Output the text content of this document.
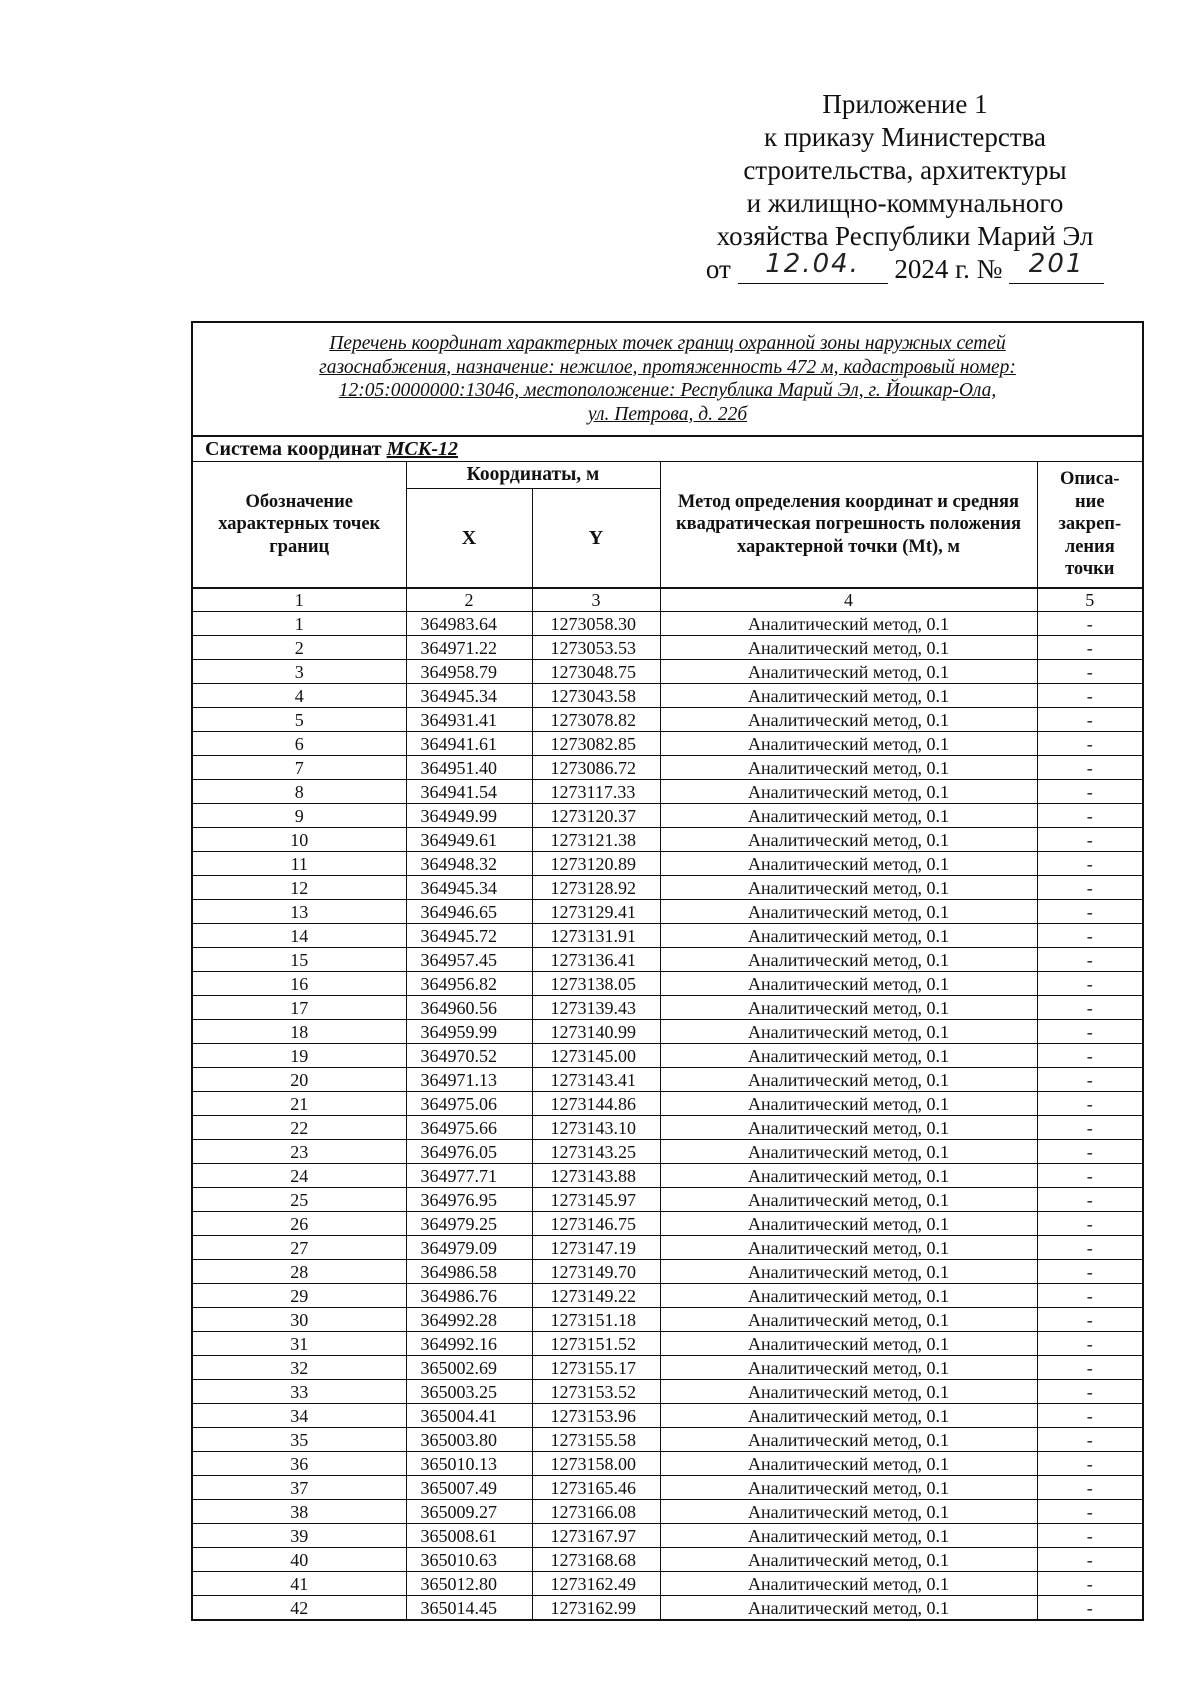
Приложение 1
к приказу Министерства
строительства, архитектуры
и жилищно-коммунального
хозяйства Республики Марий Эл
от 12.04. 2024 г. № 201
Перечень координат характерных точек границ охранной зоны наружных сетей
газоснабжения, назначение: нежилое, протяженность 472 м, кадастровый номер:
12:05:0000000:13046, местоположение: Республика Марий Эл, г. Йошкар-Ола,
ул. Петрова, д. 22б				

Система координат МСК-12				
Обозначение характерных точек границ	Координаты, м		Метод определения координат и средняя квадратическая погрешность положения характерной точки (Mt), м	Описа-ние закреп-ления точки
	X	Y		
1	2	3	4	5
1	364983.64	1273058.30	Аналитический метод, 0.1	-
2	364971.22	1273053.53	Аналитический метод, 0.1	-
3	364958.79	1273048.75	Аналитический метод, 0.1	-
4	364945.34	1273043.58	Аналитический метод, 0.1	-
5	364931.41	1273078.82	Аналитический метод, 0.1	-
6	364941.61	1273082.85	Аналитический метод, 0.1	-
7	364951.40	1273086.72	Аналитический метод, 0.1	-
8	364941.54	1273117.33	Аналитический метод, 0.1	-
9	364949.99	1273120.37	Аналитический метод, 0.1	-
10	364949.61	1273121.38	Аналитический метод, 0.1	-
11	364948.32	1273120.89	Аналитический метод, 0.1	-
12	364945.34	1273128.92	Аналитический метод, 0.1	-
13	364946.65	1273129.41	Аналитический метод, 0.1	-
14	364945.72	1273131.91	Аналитический метод, 0.1	-
15	364957.45	1273136.41	Аналитический метод, 0.1	-
16	364956.82	1273138.05	Аналитический метод, 0.1	-
17	364960.56	1273139.43	Аналитический метод, 0.1	-
18	364959.99	1273140.99	Аналитический метод, 0.1	-
19	364970.52	1273145.00	Аналитический метод, 0.1	-
20	364971.13	1273143.41	Аналитический метод, 0.1	-
21	364975.06	1273144.86	Аналитический метод, 0.1	-
22	364975.66	1273143.10	Аналитический метод, 0.1	-
23	364976.05	1273143.25	Аналитический метод, 0.1	-
24	364977.71	1273143.88	Аналитический метод, 0.1	-
25	364976.95	1273145.97	Аналитический метод, 0.1	-
26	364979.25	1273146.75	Аналитический метод, 0.1	-
27	364979.09	1273147.19	Аналитический метод, 0.1	-
28	364986.58	1273149.70	Аналитический метод, 0.1	-
29	364986.76	1273149.22	Аналитический метод, 0.1	-
30	364992.28	1273151.18	Аналитический метод, 0.1	-
31	364992.16	1273151.52	Аналитический метод, 0.1	-
32	365002.69	1273155.17	Аналитический метод, 0.1	-
33	365003.25	1273153.52	Аналитический метод, 0.1	-
34	365004.41	1273153.96	Аналитический метод, 0.1	-
35	365003.80	1273155.58	Аналитический метод, 0.1	-
36	365010.13	1273158.00	Аналитический метод, 0.1	-
37	365007.49	1273165.46	Аналитический метод, 0.1	-
38	365009.27	1273166.08	Аналитический метод, 0.1	-
39	365008.61	1273167.97	Аналитический метод, 0.1	-
40	365010.63	1273168.68	Аналитический метод, 0.1	-
41	365012.80	1273162.49	Аналитический метод, 0.1	-
42	365014.45	1273162.99	Аналитический метод, 0.1	-
